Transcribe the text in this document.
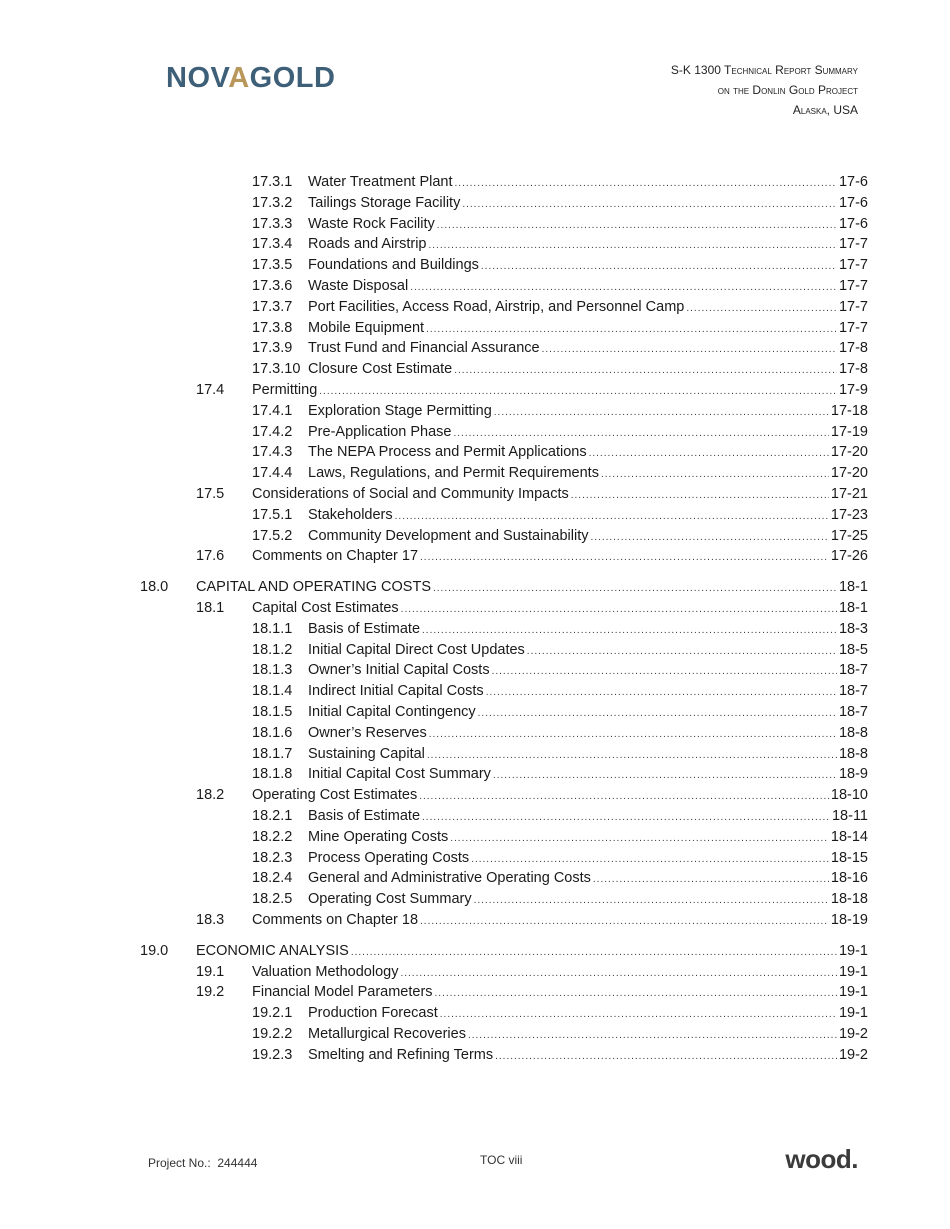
NOVAGOLD	S-K 1300 Technical Report Summary
on the Donlin Gold Project
Alaska, USA
17.3.1 Water Treatment Plant .....	17-6
17.3.2 Tailings Storage Facility .....	17-6
17.3.3 Waste Rock Facility .....	17-6
17.3.4 Roads and Airstrip .....	17-7
17.3.5 Foundations and Buildings .....	17-7
17.3.6 Waste Disposal .....	17-7
17.3.7 Port Facilities, Access Road, Airstrip, and Personnel Camp .....	17-7
17.3.8 Mobile Equipment .....	17-7
17.3.9 Trust Fund and Financial Assurance .....	17-8
17.3.10 Closure Cost Estimate .....	17-8
17.4 Permitting .....	17-9
17.4.1 Exploration Stage Permitting .....	17-18
17.4.2 Pre-Application Phase .....	17-19
17.4.3 The NEPA Process and Permit Applications .....	17-20
17.4.4 Laws, Regulations, and Permit Requirements .....	17-20
17.5 Considerations of Social and Community Impacts .....	17-21
17.5.1 Stakeholders .....	17-23
17.5.2 Community Development and Sustainability .....	17-25
17.6 Comments on Chapter 17 .....	17-26
18.0 CAPITAL AND OPERATING COSTS .....	18-1
18.1 Capital Cost Estimates .....	18-1
18.1.1 Basis of Estimate .....	18-3
18.1.2 Initial Capital Direct Cost Updates .....	18-5
18.1.3 Owner’s Initial Capital Costs .....	18-7
18.1.4 Indirect Initial Capital Costs .....	18-7
18.1.5 Initial Capital Contingency .....	18-7
18.1.6 Owner’s Reserves .....	18-8
18.1.7 Sustaining Capital .....	18-8
18.1.8 Initial Capital Cost Summary .....	18-9
18.2 Operating Cost Estimates .....	18-10
18.2.1 Basis of Estimate .....	18-11
18.2.2 Mine Operating Costs .....	18-14
18.2.3 Process Operating Costs .....	18-15
18.2.4 General and Administrative Operating Costs .....	18-16
18.2.5 Operating Cost Summary .....	18-18
18.3 Comments on Chapter 18 .....	18-19
19.0 ECONOMIC ANALYSIS .....	19-1
19.1 Valuation Methodology .....	19-1
19.2 Financial Model Parameters .....	19-1
19.2.1 Production Forecast .....	19-1
19.2.2 Metallurgical Recoveries .....	19-2
19.2.3 Smelting and Refining Terms .....	19-2
Project No.: 244444	TOC viii	wood.
